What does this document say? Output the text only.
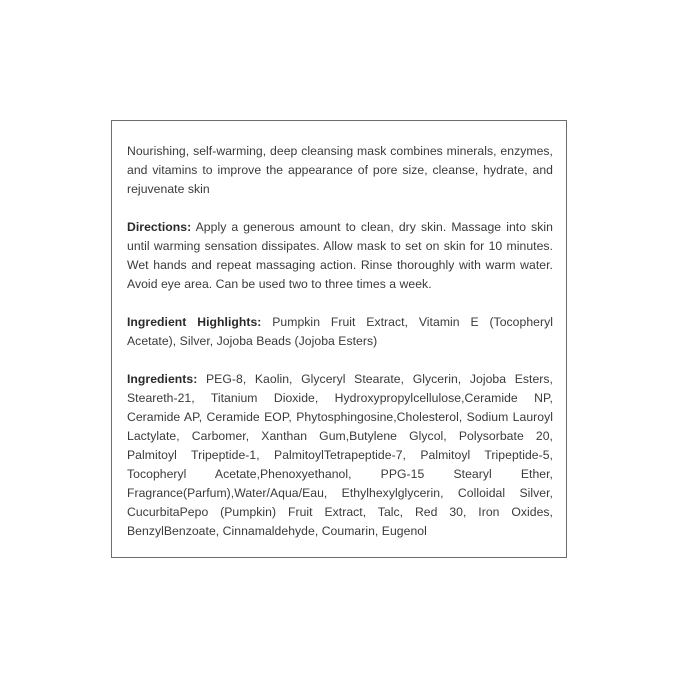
Nourishing, self-warming, deep cleansing mask combines minerals, enzymes, and vitamins to improve the appearance of pore size, cleanse, hydrate, and rejuvenate skin

Directions: Apply a generous amount to clean, dry skin. Massage into skin until warming sensation dissipates. Allow mask to set on skin for 10 minutes. Wet hands and repeat massaging action. Rinse thoroughly with warm water. Avoid eye area. Can be used two to three times a week.

Ingredient Highlights: Pumpkin Fruit Extract, Vitamin E (Tocopheryl Acetate), Silver, Jojoba Beads (Jojoba Esters)

Ingredients: PEG-8, Kaolin, Glyceryl Stearate, Glycerin, Jojoba Esters, Steareth-21, Titanium Dioxide, Hydroxypropylcellulose,Ceramide NP, Ceramide AP, Ceramide EOP, Phytosphingosine,Cholesterol, Sodium Lauroyl Lactylate, Carbomer, Xanthan Gum,Butylene Glycol, Polysorbate 20, Palmitoyl Tripeptide-1, PalmitoylTetrapeptide-7, Palmitoyl Tripeptide-5, Tocopheryl Acetate,Phenoxyethanol, PPG-15 Stearyl Ether, Fragrance(Parfum),Water/Aqua/Eau, Ethylhexylglycerin, Colloidal Silver, CucurbitaPepo (Pumpkin) Fruit Extract, Talc, Red 30, Iron Oxides, BenzylBenzoate, Cinnamaldehyde, Coumarin, Eugenol
